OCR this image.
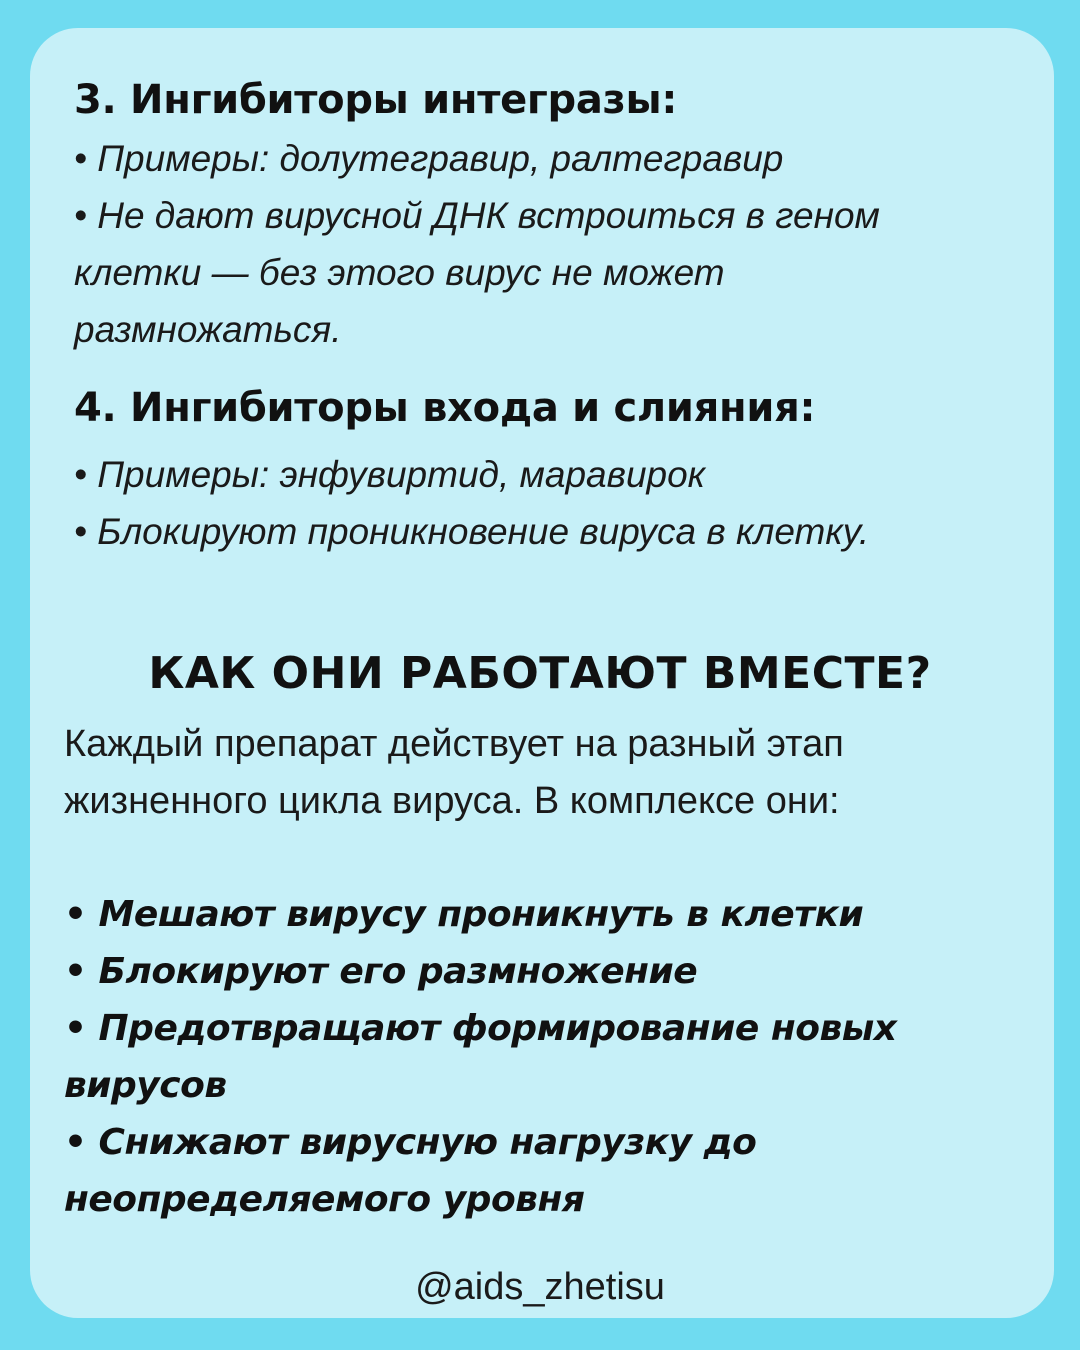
3. Ингибиторы интегразы:

• Примеры: долутегравир, ралтегравир

• Не дают вирусной ДНК встроиться в геном клетки — без этого вирус не может размножаться.

4. Ингибиторы входа и слияния:

• Примеры: энфувиртид, маравирок

• Блокируют проникновение вируса в клетку.

КАК ОНИ РАБОТАЮТ ВМЕСТЕ?
Каждый препарат действует на разный этап жизненного цикла вируса. В комплексе они:
• Мешают вирусу проникнуть в клетки
• Блокируют его размножение
• Предотвращают формирование новых вирусов
• Снижают вирусную нагрузку до неопределяемого уровня
@aids_zhetisu
